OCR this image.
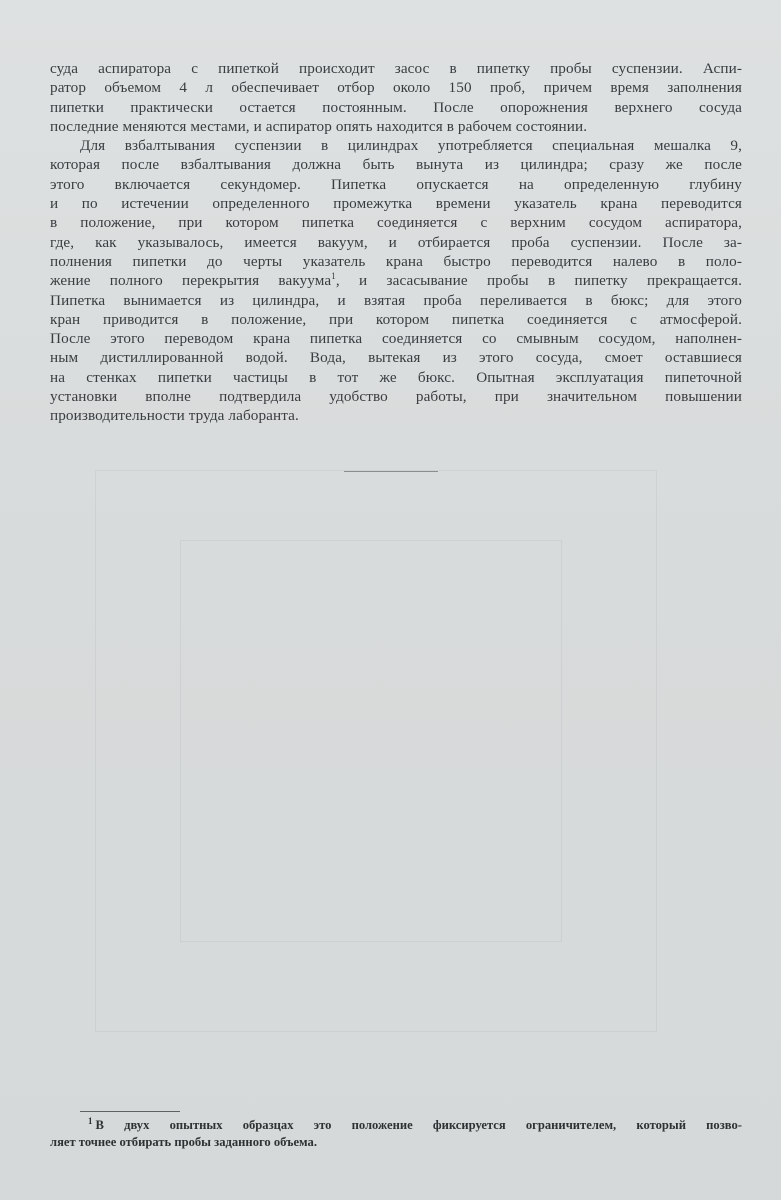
суда аспиратора с пипеткой происходит засос в пипетку пробы суспензии. Аспи-
ратор объемом 4 л обеспечивает отбор около 150 проб, причем время заполнения
пипетки практически остается постоянным. После опорожнения верхнего сосуда
последние меняются местами, и аспиратор опять находится в рабочем состоянии.

Для взбалтывания суспензии в цилиндрах употребляется специальная мешалка 9,
которая после взбалтывания должна быть вынута из цилиндра; сразу же после
этого включается секундомер. Пипетка опускается на определенную глубину
и по истечении определенного промежутка времени указатель крана переводится
в положение, при котором пипетка соединяется с верхним сосудом аспиратора,
где, как указывалось, имеется вакуум, и отбирается проба суспензии. После за-
полнения пипетки до черты указатель крана быстро переводится налево в поло-
жение полного перекрытия вакуума$^1$, и засасывание пробы в пипетку прекращается.
Пипетка вынимается из цилиндра, и взятая проба переливается в бюкс; для этого
кран приводится в положение, при котором пипетка соединяется с атмосферой.
После этого переводом крана пипетка соединяется со смывным сосудом, наполнен-
ным дистиллированной водой. Вода, вытекая из этого сосуда, смоет оставшиеся
на стенках пипетки частицы в тот же бюкс. Опытная эксплуатация пипеточной
установки вполне подтвердила удобство работы, при значительном повышении
производительности труда лаборанта.

$^1$ В двух опытных образцах это положение фиксируется ограничителем, который позво-
ляет точнее отбирать пробы заданного объема.
